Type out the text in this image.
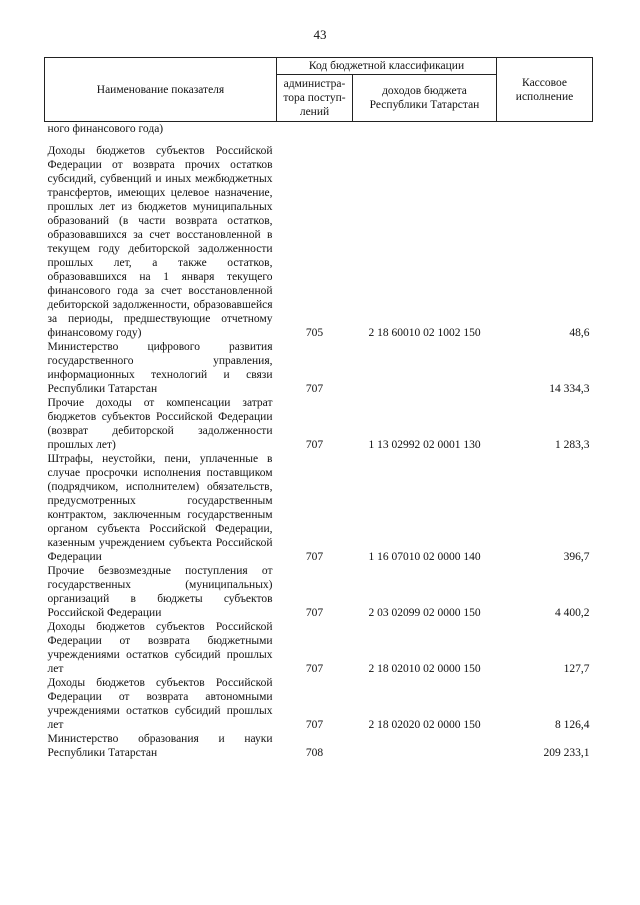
43
Наименование показателя	Код бюджетной классификации		Кассовое исполнение
	администра-тора поступ-лений	доходов бюджета Республики Татарстан	
ного финансового года)			

Доходы бюджетов субъектов Российской Федерации от возврата прочих остатков субсидий, субвенций и иных межбюджетных трансфертов, имеющих целевое назначение, прошлых лет из бюджетов муниципальных образований (в части возврата остатков, образовавшихся за счет восстановленной в текущем году дебиторской задолженности прошлых лет, а также остатков, образовавшихся на 1 января текущего финансового года за счет восстановленной дебиторской задолженности, образовавшейся за периоды, предшествующие отчетному финансовому году)	705	2 18 60010 02 1002 150	48,6
Министерство цифрового развития государственного управления, информационных технологий и связи Республики Татарстан	707		14 334,3
Прочие доходы от компенсации затрат бюджетов субъектов Российской Федерации (возврат дебиторской задолженности прошлых лет)	707	1 13 02992 02 0001 130	1 283,3
Штрафы, неустойки, пени, уплаченные в случае просрочки исполнения поставщиком (подрядчиком, исполнителем) обязательств, предусмотренных государственным контрактом, заключенным государственным органом субъекта Российской Федерации, казенным учреждением субъекта Российской Федерации	707	1 16 07010 02 0000 140	396,7
Прочие безвозмездные поступления от государственных (муниципальных) организаций в бюджеты субъектов Российской Федерации	707	2 03 02099 02 0000 150	4 400,2
Доходы бюджетов субъектов Российской Федерации от возврата бюджетными учреждениями остатков субсидий прошлых лет	707	2 18 02010 02 0000 150	127,7
Доходы бюджетов субъектов Российской Федерации от возврата автономными учреждениями остатков субсидий прошлых лет	707	2 18 02020 02 0000 150	8 126,4
Министерство образования и науки Республики Татарстан	708		209 233,1
